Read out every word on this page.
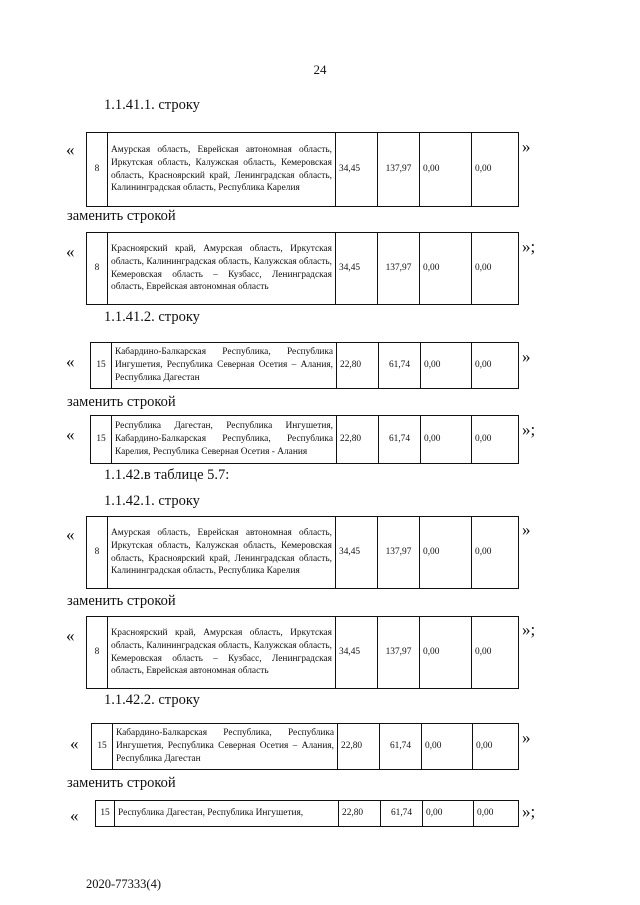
24
1.1.41.1. строку
«
8	Амурская область, Еврейская автономная область, Иркутская область, Калужская область, Кемеровская область, Красноярский край, Ленинградская область, Калининградская область, Республика Карелия	34,45	137,97	0,00	0,00
»
заменить строкой
«
8	Красноярский край, Амурская область, Иркутская область, Калининградская область, Калужская область, Кемеровская область – Кузбасс, Ленинградская область, Еврейская автономная область	34,45	137,97	0,00	0,00
»;
1.1.41.2. строку
« 15	Кабардино-Балкарская Республика, Республика Ингушетия, Республика Северная Осетия – Алания, Республика Дагестан	22,80	61,74	0,00	0,00 »
заменить строкой
« 15	Республика Дагестан, Республика Ингушетия, Кабардино-Балкарская Республика, Республика Карелия, Республика Северная Осетия - Алания	22,80	61,74	0,00	0,00
»;
1.1.42.в таблице 5.7:
1.1.42.1. строку
«
8	Амурская область, Еврейская автономная область, Иркутская область, Калужская область, Кемеровская область, Красноярский край, Ленинградская область, Калининградская область, Республика Карелия	34,45	137,97	0,00	0,00
»
заменить строкой
«
8	Красноярский край, Амурская область, Иркутская область, Калининградская область, Калужская область, Кемеровская область – Кузбасс, Ленинградская область, Еврейская автономная область	34,45	137,97	0,00	0,00
»;
1.1.42.2. строку
« 15	Кабардино-Балкарская Республика, Республика Ингушетия, Республика Северная Осетия – Алания, Республика Дагестан	22,80	61,74	0,00	0,00 »
заменить строкой
« 15	Республика Дагестан, Республика Ингушетия,	22,80	61,74	0,00	0,00 »;
2020-77333(4)
